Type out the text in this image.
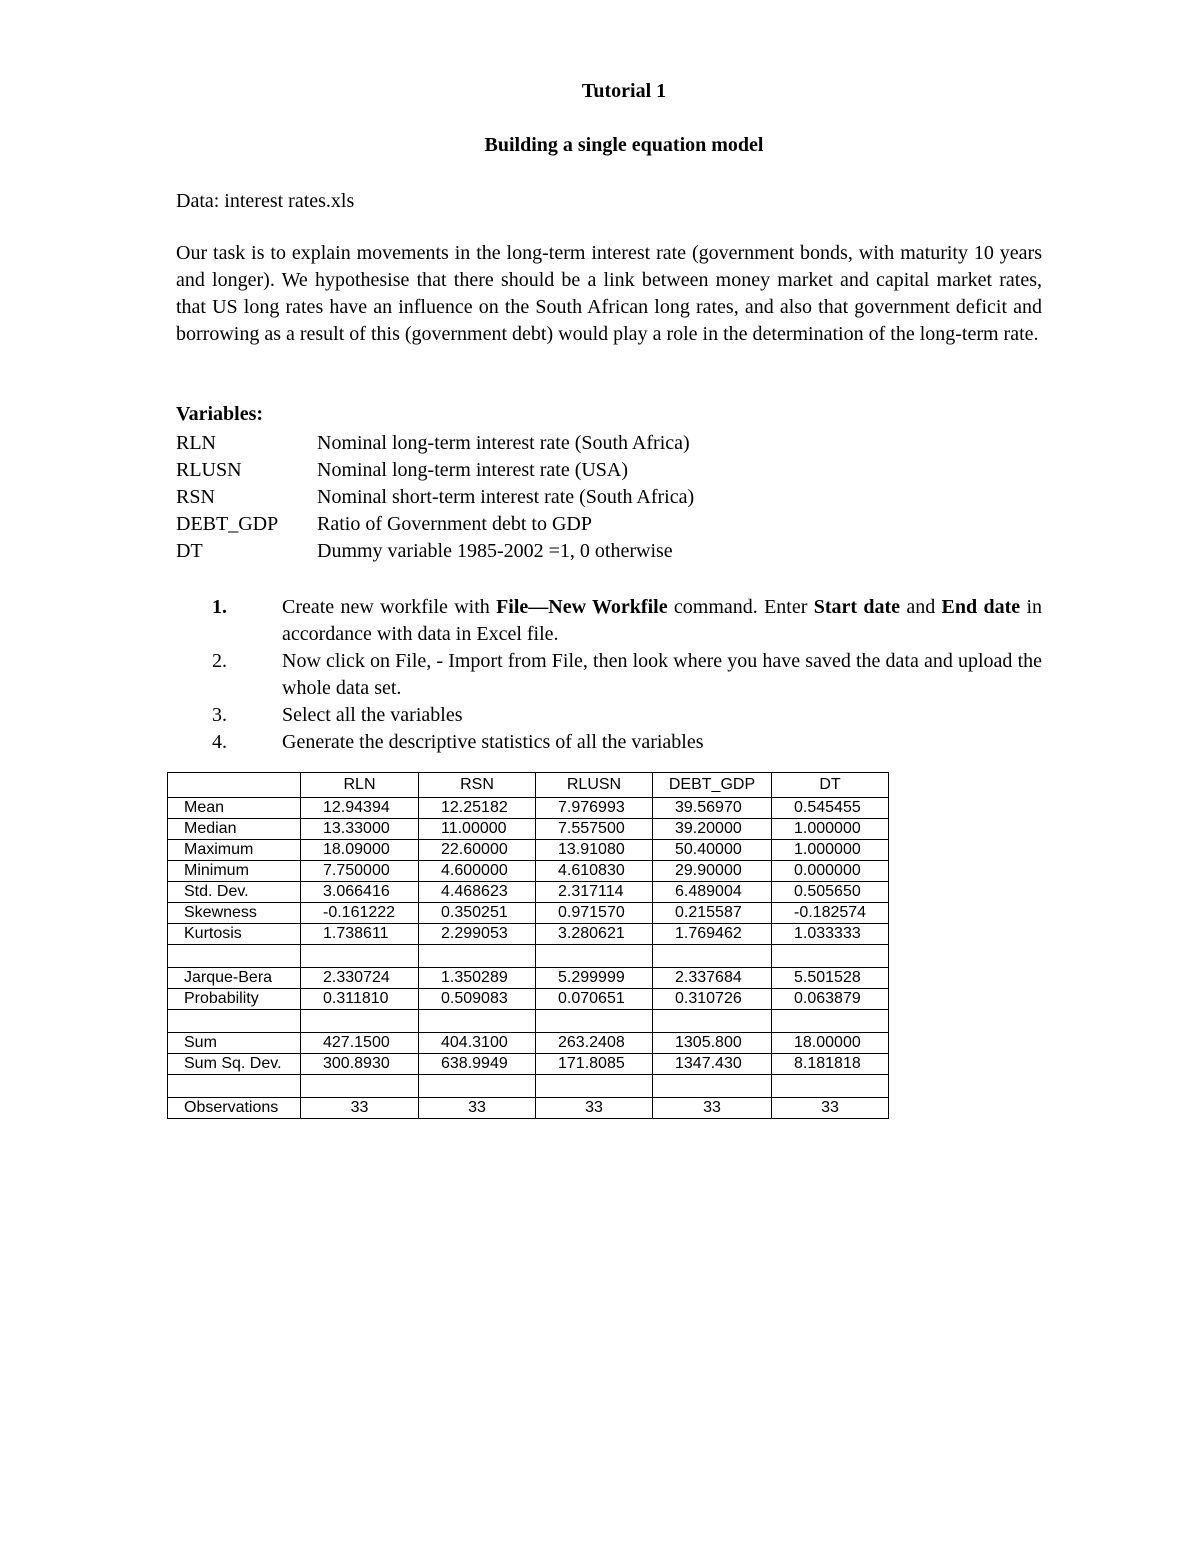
Tutorial 1
Building a single equation model
Data: interest rates.xls
Our task is to explain movements in the long-term interest rate (government bonds, with maturity 10 years and longer). We hypothesise that there should be a link between money market and capital market rates, that US long rates have an influence on the South African long rates, and also that government deficit and borrowing as a result of this (government debt) would play a role in the determination of the long-term rate.
Variables:
RLN	Nominal long-term interest rate (South Africa)
RLUSN	Nominal long-term interest rate (USA)
RSN	Nominal short-term interest rate (South Africa)
DEBT_GDP Ratio of Government debt to GDP
DT	Dummy variable 1985-2002 =1, 0 otherwise
1.	Create new workfile with File—New Workfile command. Enter Start date and End date in accordance with data in Excel file.
2.	Now click on File, - Import from File, then look where you have saved the data and upload the whole data set.
3.	Select all the variables
4.	Generate the descriptive statistics of all the variables
	RLN	RSN	RLUSN	DEBT_GDP	DT
Mean	12.94394	12.25182	7.976993	39.56970	0.545455
Median	13.33000	11.00000	7.557500	39.20000	1.000000
Maximum	18.09000	22.60000	13.91080	50.40000	1.000000
Minimum	7.750000	4.600000	4.610830	29.90000	0.000000
Std. Dev.	3.066416	4.468623	2.317114	6.489004	0.505650
Skewness	-0.161222	0.350251	0.971570	0.215587	-0.182574
Kurtosis	1.738611	2.299053	3.280621	1.769462	1.033333

Jarque-Bera	2.330724	1.350289	5.299999	2.337684	5.501528
Probability	0.311810	0.509083	0.070651	0.310726	0.063879

Sum	427.1500	404.3100	263.2408	1305.800	18.00000
Sum Sq. Dev.	300.8930	638.9949	171.8085	1347.430	8.181818

Observations	33	33	33	33	33
